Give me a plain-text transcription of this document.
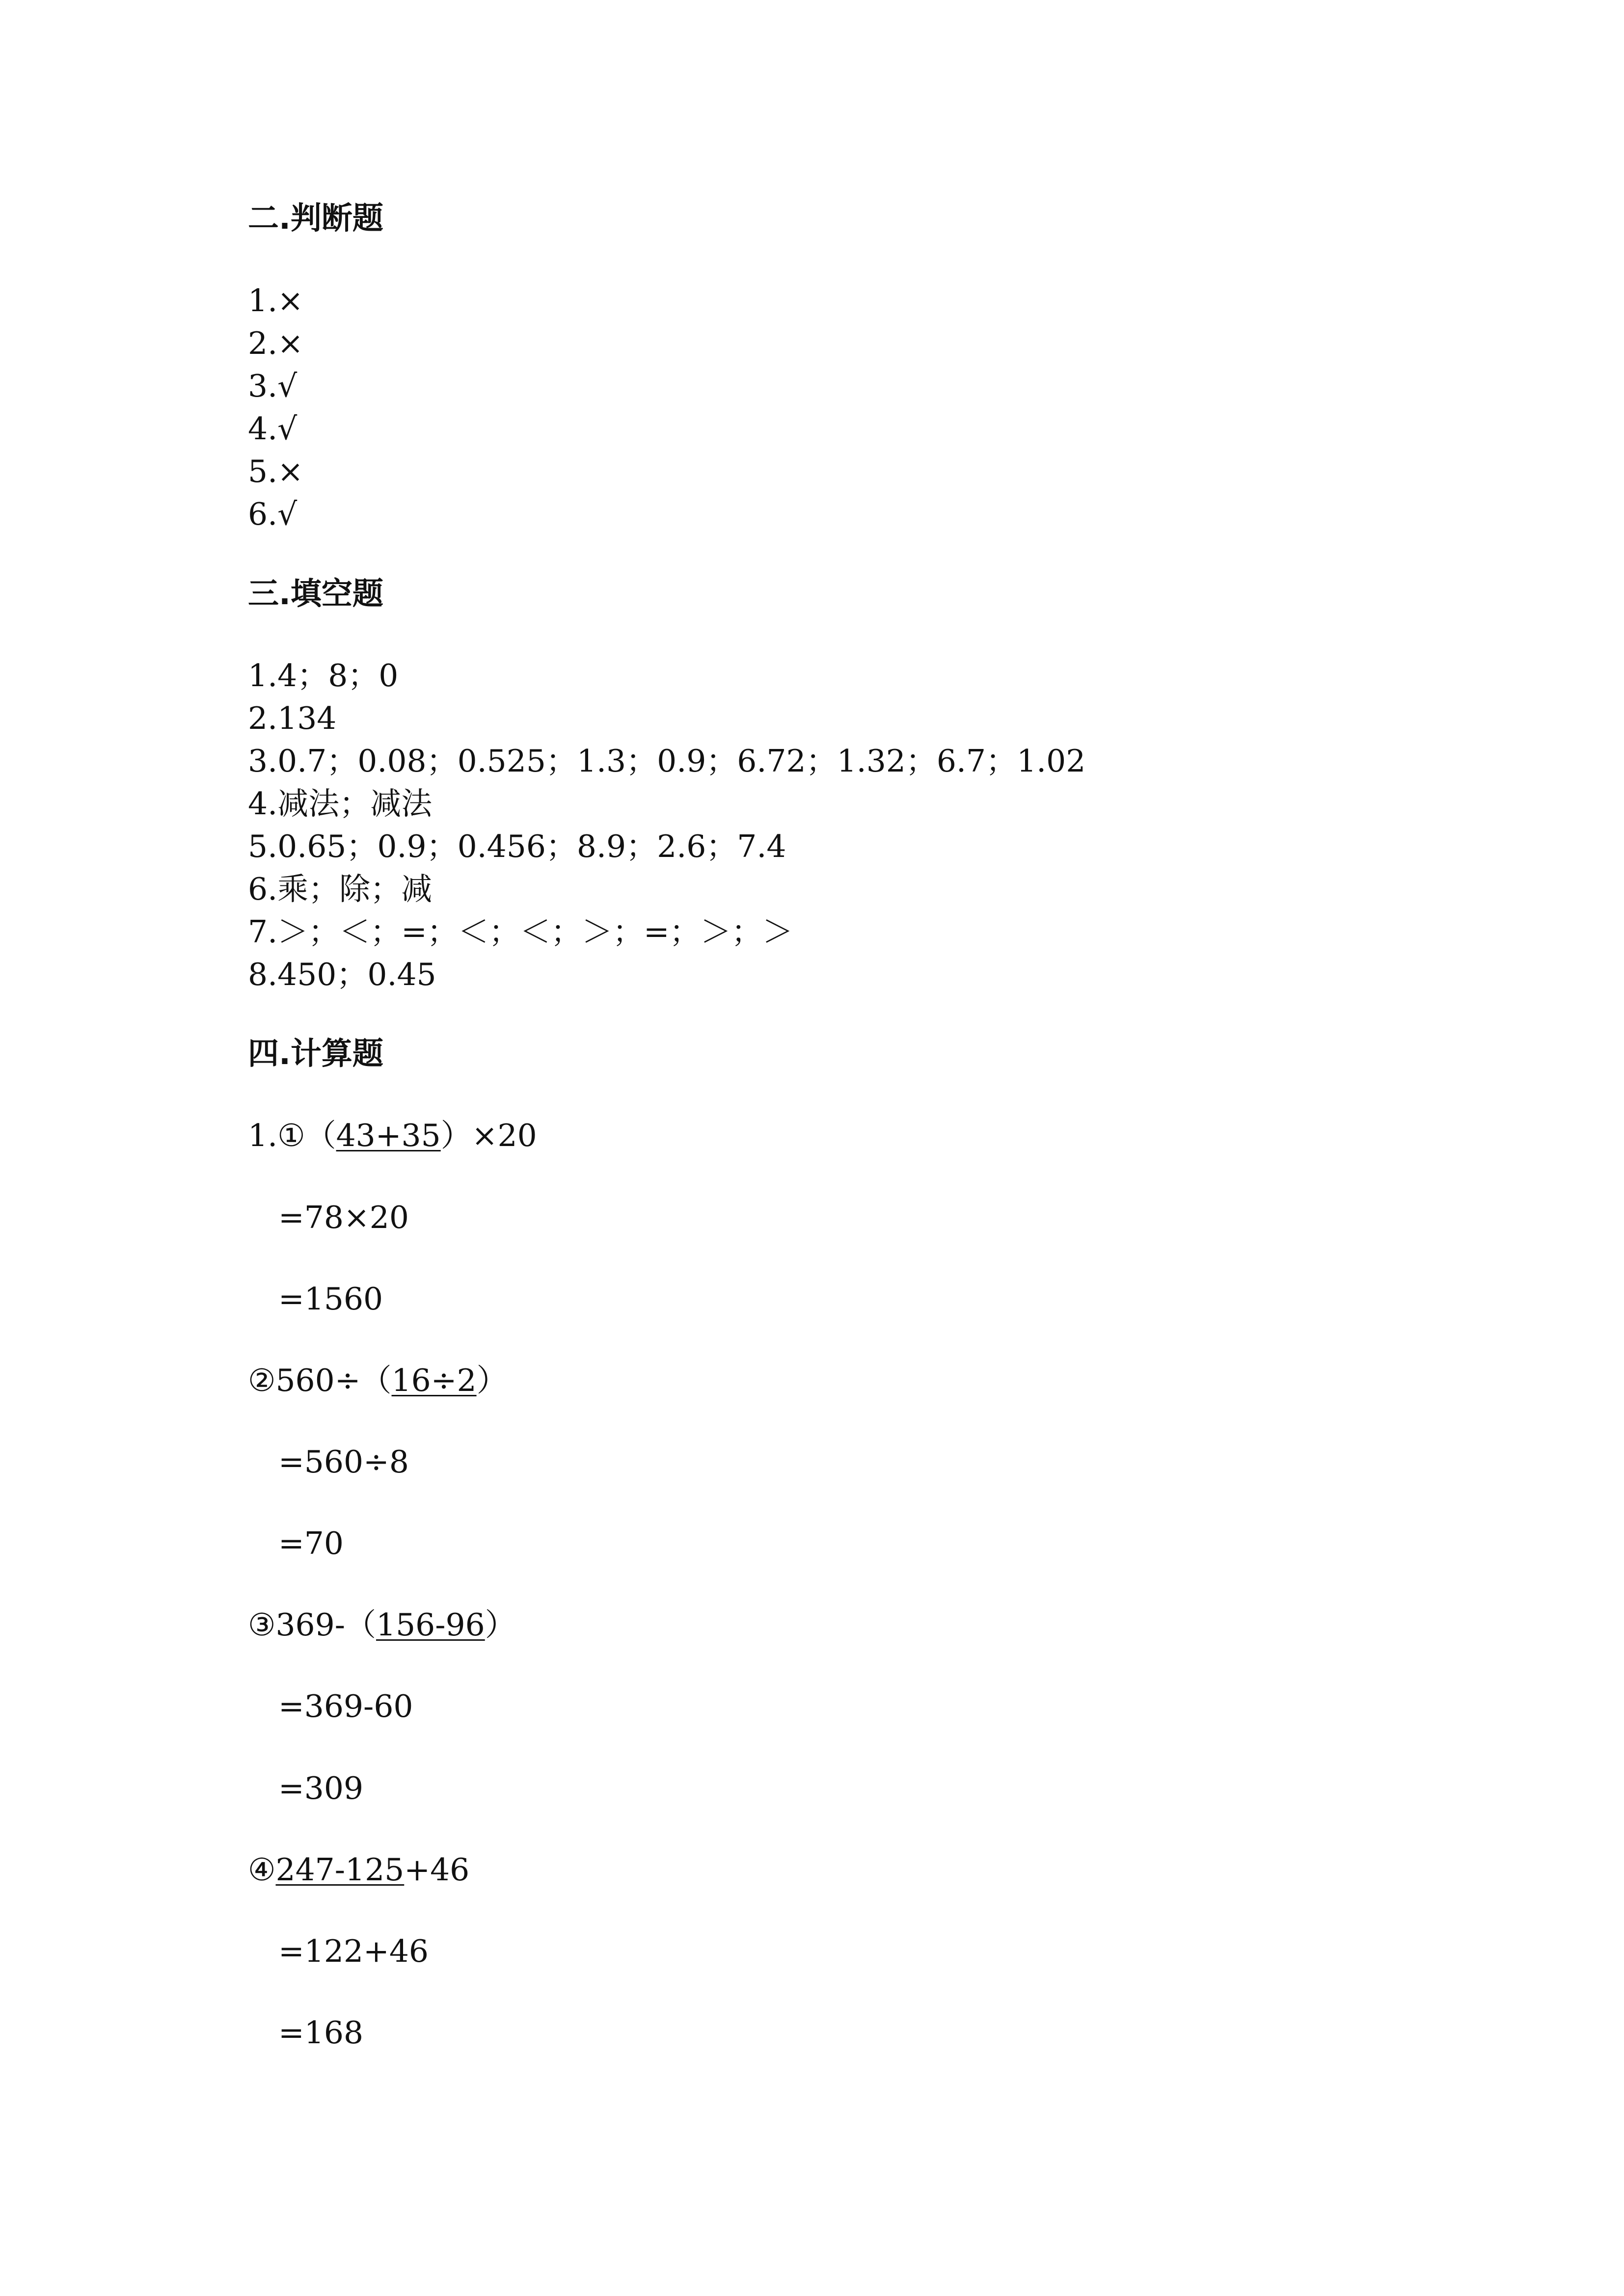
二.判断题
1.×
2.×
3.√
4.√
5.×
6.√
三.填空题
1.4；8；0
2.134
3.0.7；0.08；0.525；1.3；0.9；6.72；1.32；6.7；1.02
4.减法；减法
5.0.65；0.9；0.456；8.9；2.6；7.4
6.乘；除；减
7.＞；＜；=；＜；＜；＞；=；＞；＞
8.450；0.45
四.计算题
1.①（43+35）×20
=78×20
=1560
②560÷（16÷2）
=560÷8
=70
③369-（156-96）
=369-60
=309
④247-125+46
=122+46
=168
